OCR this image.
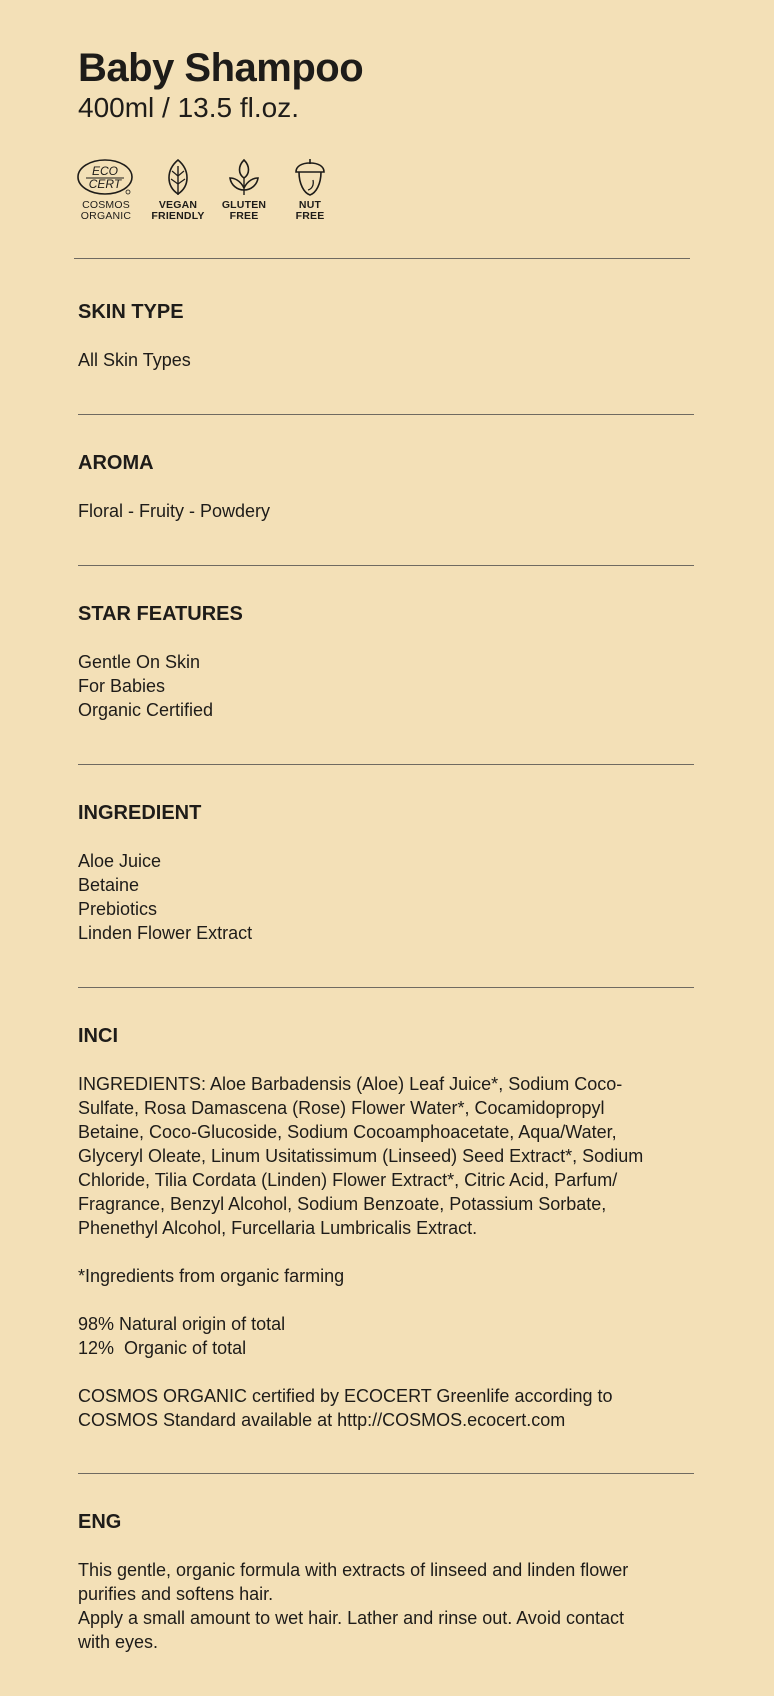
Baby Shampoo
400ml / 13.5 fl.oz.
ECO
CERT
COSMOS
ORGANIC
VEGAN
FRIENDLY
GLUTEN
FREE
NUT
FREE
SKIN TYPE
All Skin Types
AROMA
Floral - Fruity - Powdery
STAR FEATURES
Gentle On Skin
For Babies
Organic Certified
INGREDIENT
Aloe Juice
Betaine
Prebiotics
Linden Flower Extract
INCI

INGREDIENTS: Aloe Barbadensis (Aloe) Leaf Juice*, Sodium Coco-
Sulfate, Rosa Damascena (Rose) Flower Water*, Cocamidopropyl
Betaine, Coco-Glucoside, Sodium Cocoamphoacetate, Aqua/Water,
Glyceryl Oleate, Linum Usitatissimum (Linseed) Seed Extract*, Sodium
Chloride, Tilia Cordata (Linden) Flower Extract*, Citric Acid, Parfum/
Fragrance, Benzyl Alcohol, Sodium Benzoate, Potassium Sorbate,
Phenethyl Alcohol, Furcellaria Lumbricalis Extract.

*Ingredients from organic farming

98% Natural origin of total
12%  Organic of total

COSMOS ORGANIC certified by ECOCERT Greenlife according to
COSMOS Standard available at http://COSMOS.ecocert.com

ENG
This gentle, organic formula with extracts of linseed and linden flower
purifies and softens hair.
Apply a small amount to wet hair. Lather and rinse out. Avoid contact
with eyes.
